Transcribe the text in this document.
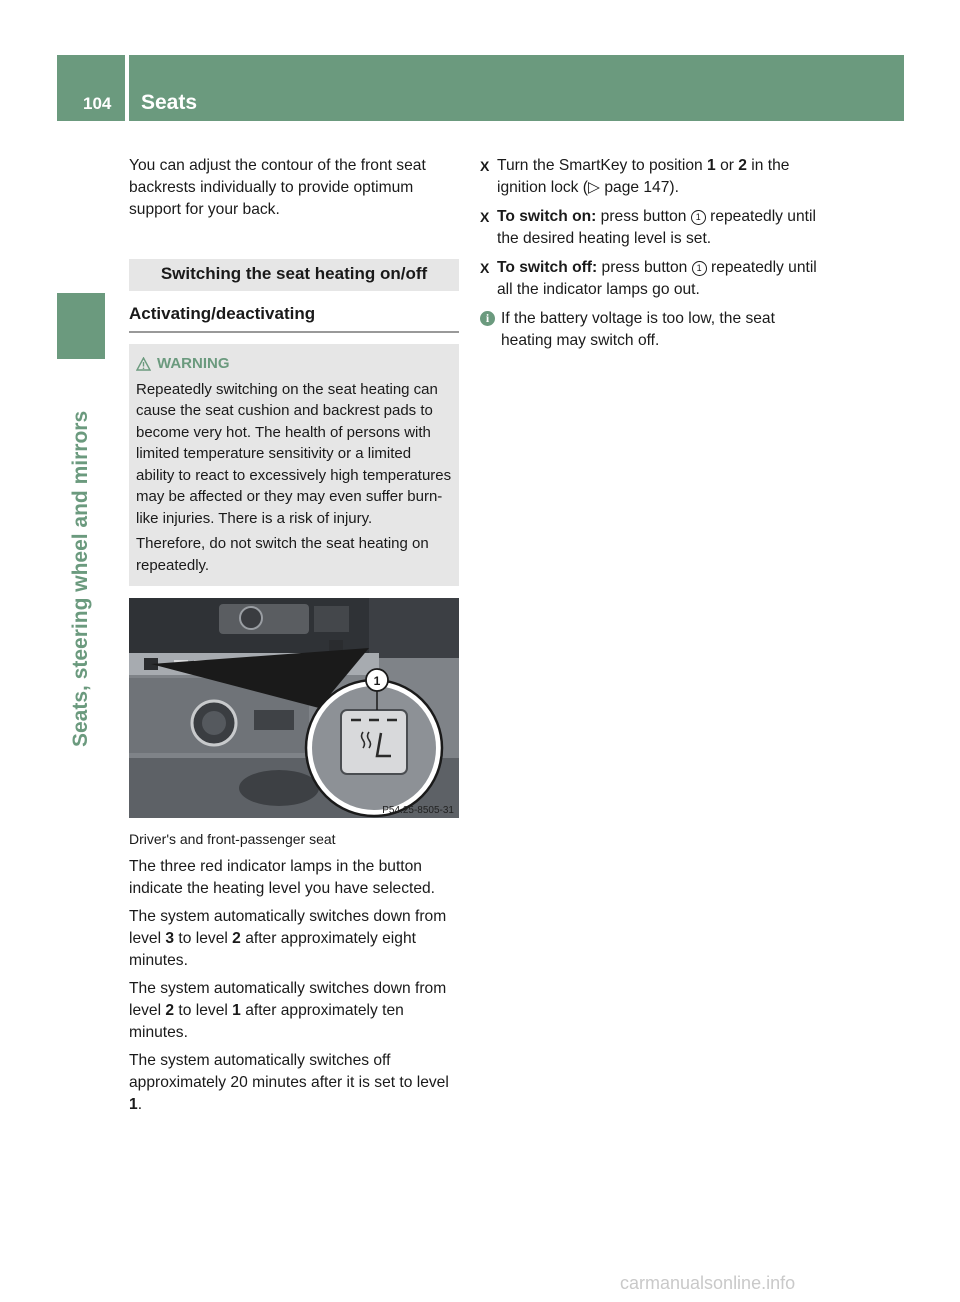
104 Seats
Seats, steering wheel and mirrors

You can adjust the contour of the front seat backrests individually to provide optimum support for your back.

Switching the seat heating on/off
Activating/deactivating
WARNING

Repeatedly switching on the seat heating can cause the seat cushion and backrest pads to become very hot. The health of persons with limited temperature sensitivity or a limited ability to react to excessively high temperatures may be affected or they may even suffer burn-like injuries. There is a risk of injury.

Therefore, do not switch the seat heating on repeatedly.

1
P54.25-8505-31
Driver's and front-passenger seat

The three red indicator lamps in the button indicate the heating level you have selected.

The system automatically switches down from level 3 to level 2 after approximately eight minutes.

The system automatically switches down from level 2 to level 1 after approximately ten minutes.

The system automatically switches off approximately 20 minutes after it is set to level 1.

X Turn the SmartKey to position 1 or 2 in the ignition lock (▷ page 147).
X To switch on: press button 1 repeatedly until the desired heating level is set.
X To switch off: press button 1 repeatedly until all the indicator lamps go out.
i If the battery voltage is too low, the seat heating may switch off.
carmanualsonline.info
